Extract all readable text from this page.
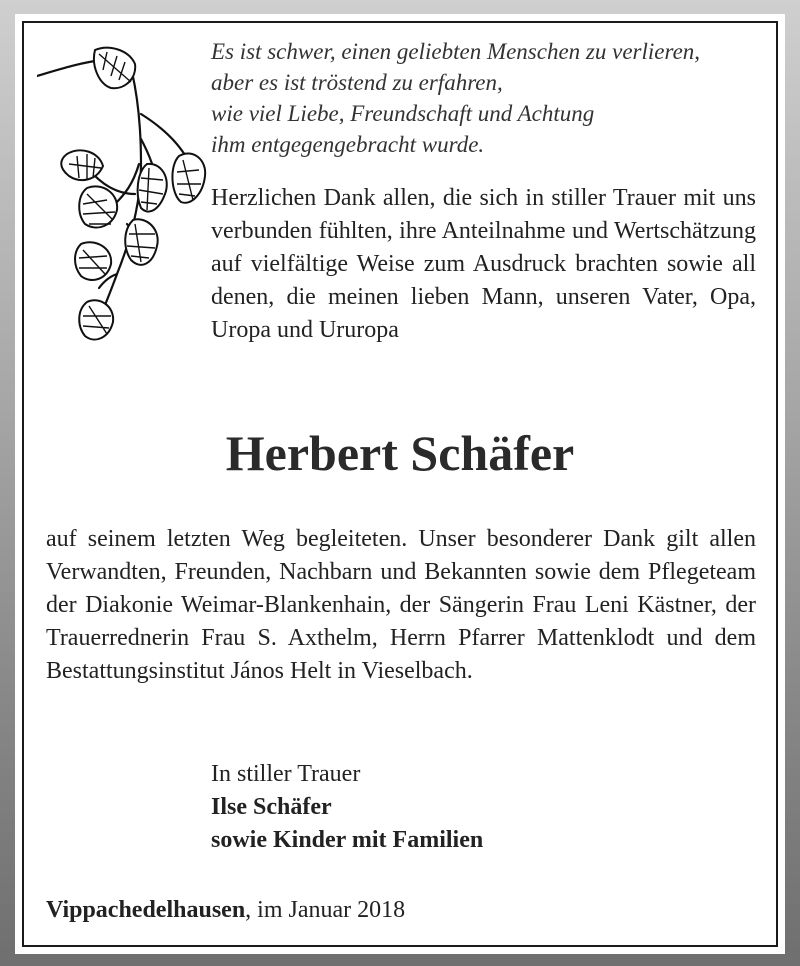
Es ist schwer, einen geliebten Menschen zu verlieren,
aber es ist tröstend zu erfahren,
wie viel Liebe, Freundschaft und Achtung
ihm entgegengebracht wurde.
Herzlichen Dank allen, die sich in stiller Trauer mit uns verbunden fühlten, ihre Anteilnahme und Wertschätzung auf vielfältige Weise zum Ausdruck brachten sowie all denen, die meinen lieben Mann, unseren Vater, Opa, Uropa und Ururopa
Herbert Schäfer
auf seinem letzten Weg begleiteten. Unser besonderer Dank gilt allen Verwandten, Freunden, Nachbarn und Bekannten sowie dem Pflegeteam der Diakonie Weimar-Blankenhain, der Sängerin Frau Leni Kästner, der Trauerrednerin Frau S. Axthelm, Herrn Pfarrer Mattenklodt und dem Bestattungsinstitut János Helt in Vieselbach.
In stiller Trauer
Ilse Schäfer
sowie Kinder mit Familien
Vippachedelhausen, im Januar 2018
